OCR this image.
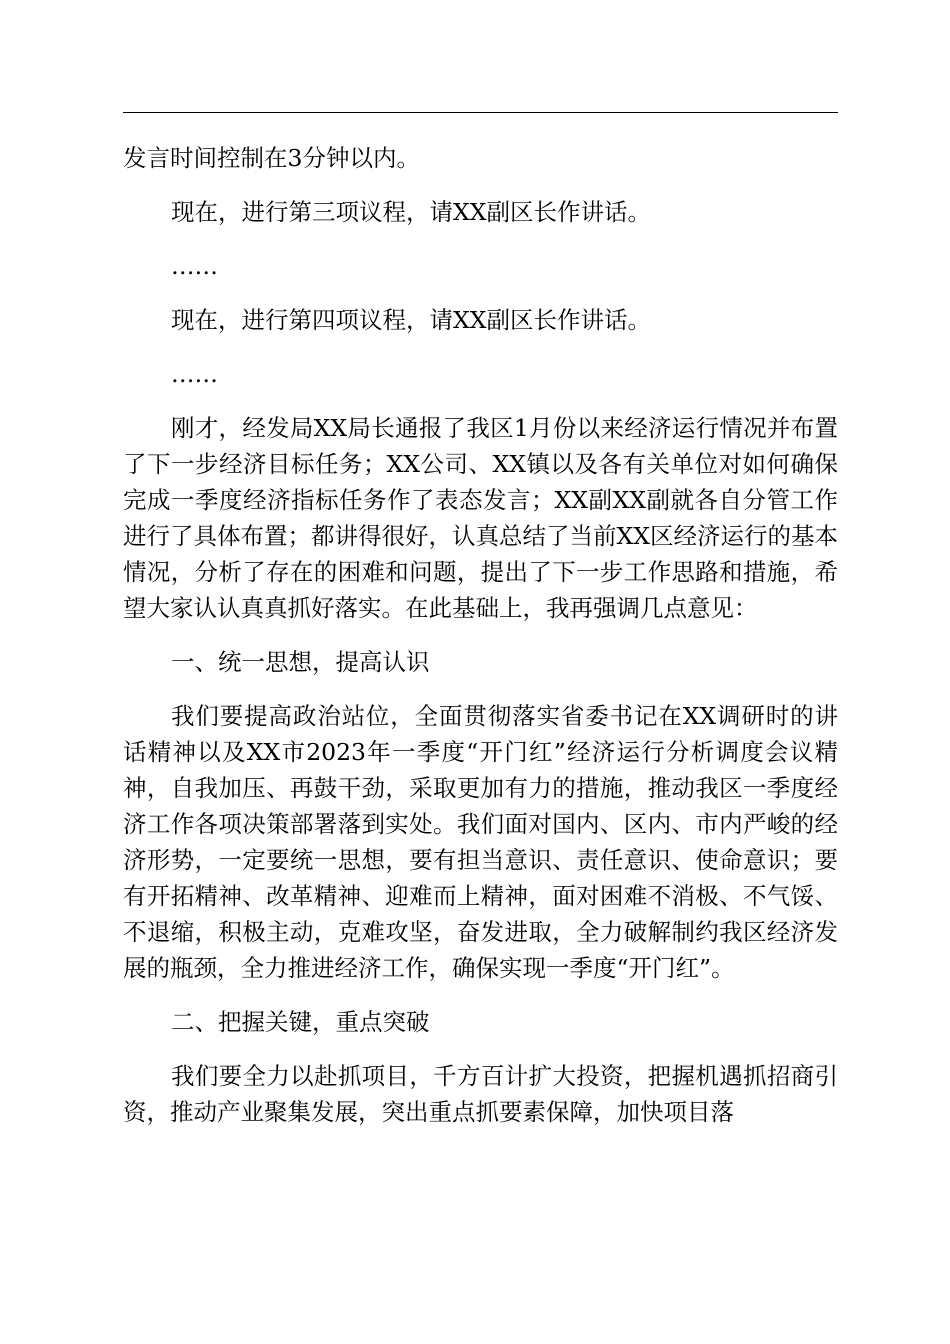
发言时间控制在3分钟以内。

现在，进行第三项议程，请XX副区长作讲话。

……

现在，进行第四项议程，请XX副区长作讲话。

……

刚才，经发局XX局长通报了我区1月份以来经济运行情况并布置了下一步经济目标任务；XX公司、XX镇以及各有关单位对如何确保完成一季度经济指标任务作了表态发言；XX副XX副就各自分管工作进行了具体布置；都讲得很好，认真总结了当前XX区经济运行的基本情况，分析了存在的困难和问题，提出了下一步工作思路和措施，希望大家认认真真抓好落实。在此基础上，我再强调几点意见：

一、统一思想，提高认识

我们要提高政治站位，全面贯彻落实省委书记在XX调研时的讲话精神以及XX市2023年一季度“开门红”经济运行分析调度会议精神，自我加压、再鼓干劲，采取更加有力的措施，推动我区一季度经济工作各项决策部署落到实处。我们面对国内、区内、市内严峻的经济形势，一定要统一思想，要有担当意识、责任意识、使命意识；要有开拓精神、改革精神、迎难而上精神，面对困难不消极、不气馁、不退缩，积极主动，克难攻坚，奋发进取，全力破解制约我区经济发展的瓶颈，全力推进经济工作，确保实现一季度“开门红”。

二、把握关键，重点突破

我们要全力以赴抓项目，千方百计扩大投资，把握机遇抓招商引资，推动产业聚集发展，突出重点抓要素保障，加快项目落
